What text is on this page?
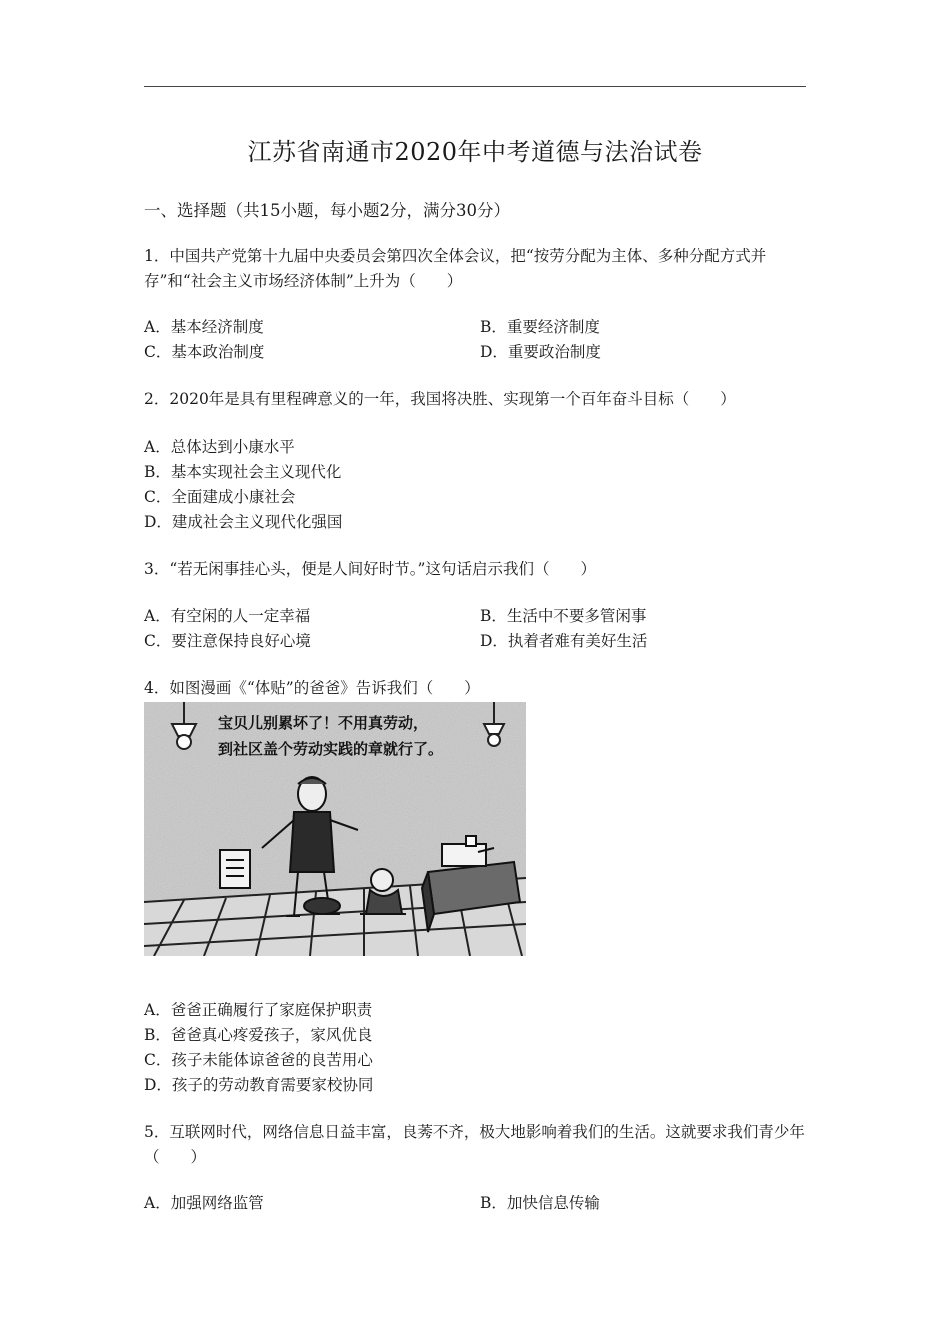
江苏省南通市2020年中考道德与法治试卷
一、选择题（共15小题，每小题2分，满分30分）
1．中国共产党第十九届中央委员会第四次全体会议，把“按劳分配为主体、多种分配方式并存”和“社会主义市场经济体制”上升为（　　）
A．基本经济制度	B．重要经济制度
C．基本政治制度	D．重要政治制度
2．2020年是具有里程碑意义的一年，我国将决胜、实现第一个百年奋斗目标（　　）
A．总体达到小康水平
B．基本实现社会主义现代化
C．全面建成小康社会
D．建成社会主义现代化强国
3．“若无闲事挂心头，便是人间好时节。”这句话启示我们（　　）
A．有空闲的人一定幸福	B．生活中不要多管闲事
C．要注意保持良好心境	D．执着者难有美好生活
4．如图漫画《“体贴”的爸爸》告诉我们（　　）
宝贝儿别累坏了！不用真劳动，
到社区盖个劳动实践的章就行了。
A．爸爸正确履行了家庭保护职责
B．爸爸真心疼爱孩子，家风优良
C．孩子未能体谅爸爸的良苦用心
D．孩子的劳动教育需要家校协同
5．互联网时代，网络信息日益丰富，良莠不齐，极大地影响着我们的生活。这就要求我们青少年（　　）
A．加强网络监管	B．加快信息传输
